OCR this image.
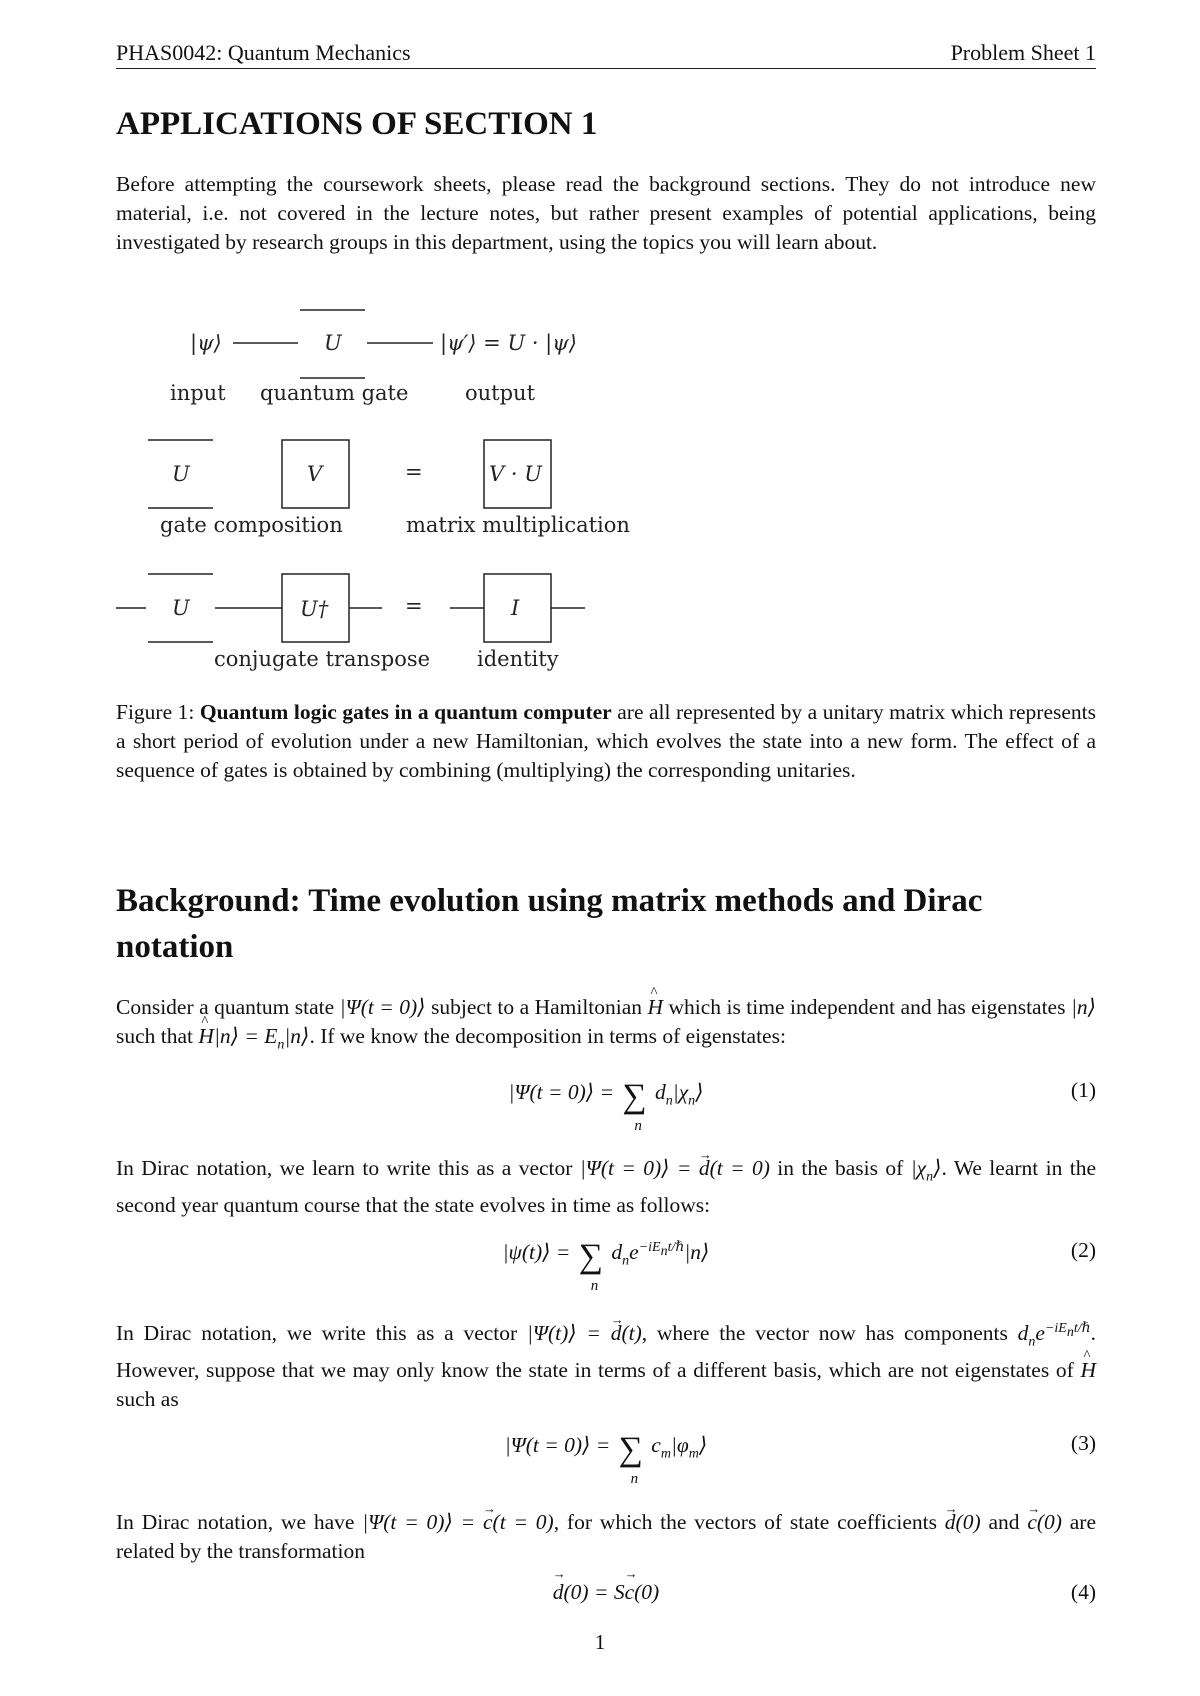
PHAS0042: Quantum Mechanics	Problem Sheet 1
APPLICATIONS OF SECTION 1

Before attempting the coursework sheets, please read the background sections. They do not introduce new material, i.e. not covered in the lecture notes, but rather present examples of potential applications, being investigated by research groups in this department, using the topics you will learn about.

|ψ⟩	U	|ψ′⟩ = U · |ψ⟩
input quantum gate	output
U	V	=	V · U
gate composition	matrix multiplication
U	U†	=	I
conjugate transpose identity

Figure 1: Quantum logic gates in a quantum computer are all represented by a unitary matrix which represents a short period of evolution under a new Hamiltonian, which evolves the state into a new form. The effect of a sequence of gates is obtained by combining (multiplying) the corresponding unitaries.

Background: Time evolution using matrix methods and Dirac notation

Consider a quantum state |Ψ(t = 0)⟩ subject to a Hamiltonian ^ H which is time independent and has eigenstates |n⟩ such that ^ H|n⟩ = $E_n|n⟩$. If we know the decomposition in terms of eigenstates:

|Ψ(t = 0)⟩ = ∑
n
$d_n|\chi_n⟩$	(1)

In Dirac notation, we learn to write this as a vector |Ψ(t = 0)⟩ = → d(t = 0) in the basis of $|\chi_n⟩$. We learnt in the second year quantum course that the state evolves in time as follows:

|ψ(t)⟩ = ∑
n
$d_ne^{-iE_nt/\hbar}|n⟩$	(2)

In Dirac notation, we write this as a vector |Ψ(t)⟩ = → d(t), where the vector now has components $d_ne^{-iE_nt/\hbar}$. However, suppose that we may only know the state in terms of a different basis, which are not eigenstates of ^ H such as

|Ψ(t = 0)⟩ = ∑
n
$c_m|\varphi_m⟩$	(3)

In Dirac notation, we have |Ψ(t = 0)⟩ = → c(t = 0), for which the vectors of state coefficients → d(0) and → c(0) are related by the transformation

→ d(0) = S→ c(0)	(4)
1
